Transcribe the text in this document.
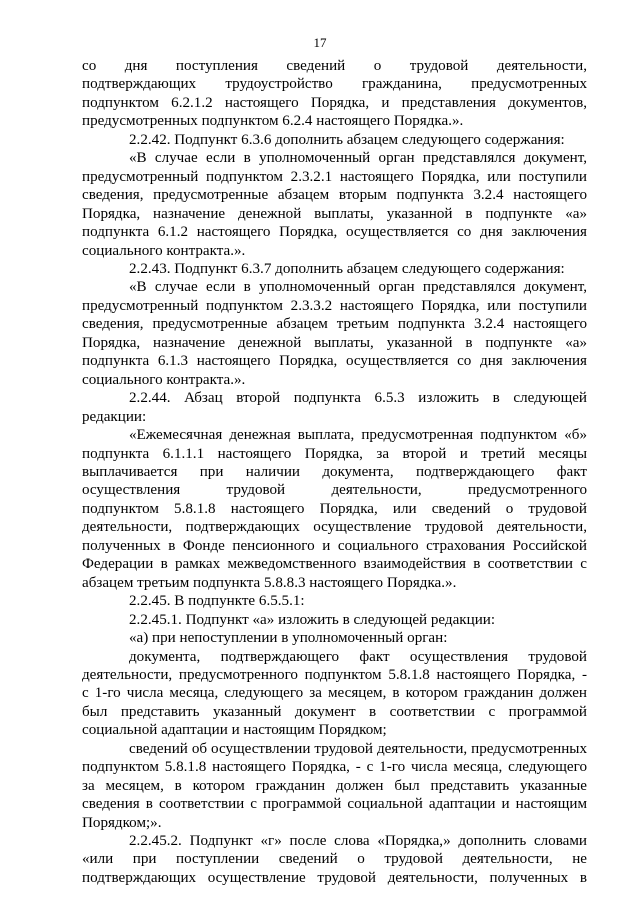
17
со дня поступления сведений о трудовой деятельности,
подтверждающих трудоустройство гражданина, предусмотренных
подпунктом 6.2.1.2 настоящего Порядка, и представления документов,
предусмотренных подпунктом 6.2.4 настоящего Порядка.».
2.2.42. Подпункт 6.3.6 дополнить абзацем следующего содержания:
«В случае если в уполномоченный орган представлялся документ,
предусмотренный подпунктом 2.3.2.1 настоящего Порядка, или поступили
сведения, предусмотренные абзацем вторым подпункта 3.2.4 настоящего
Порядка, назначение денежной выплаты, указанной в подпункте «а»
подпункта 6.1.2 настоящего Порядка, осуществляется со дня заключения
социального контракта.».
2.2.43. Подпункт 6.3.7 дополнить абзацем следующего содержания:
«В случае если в уполномоченный орган представлялся документ,
предусмотренный подпунктом 2.3.3.2 настоящего Порядка, или поступили
сведения, предусмотренные абзацем третьим подпункта 3.2.4 настоящего
Порядка, назначение денежной выплаты, указанной в подпункте «а»
подпункта 6.1.3 настоящего Порядка, осуществляется со дня заключения
социального контракта.».
2.2.44. Абзац второй подпункта 6.5.3 изложить в следующей
редакции:
«Ежемесячная денежная выплата, предусмотренная подпунктом «б»
подпункта 6.1.1.1 настоящего Порядка, за второй и третий месяцы
выплачивается при наличии документа, подтверждающего факт
осуществления трудовой деятельности, предусмотренного
подпунктом 5.8.1.8 настоящего Порядка, или сведений о трудовой
деятельности, подтверждающих осуществление трудовой деятельности,
полученных в Фонде пенсионного и социального страхования Российской
Федерации в рамках межведомственного взаимодействия в соответствии с
абзацем третьим подпункта 5.8.8.3 настоящего Порядка.».
2.2.45. В подпункте 6.5.5.1:
2.2.45.1. Подпункт «а» изложить в следующей редакции:
«а) при непоступлении в уполномоченный орган:
документа, подтверждающего факт осуществления трудовой
деятельности, предусмотренного подпунктом 5.8.1.8 настоящего Порядка, -
с 1-го числа месяца, следующего за месяцем, в котором гражданин должен
был представить указанный документ в соответствии с программой
социальной адаптации и настоящим Порядком;
сведений об осуществлении трудовой деятельности, предусмотренных
подпунктом 5.8.1.8 настоящего Порядка, - с 1-го числа месяца, следующего
за месяцем, в котором гражданин должен был представить указанные
сведения в соответствии с программой социальной адаптации и настоящим
Порядком;».
2.2.45.2. Подпункт «г» после слова «Порядка,» дополнить словами
«или при поступлении сведений о трудовой деятельности, не
подтверждающих осуществление трудовой деятельности, полученных в
